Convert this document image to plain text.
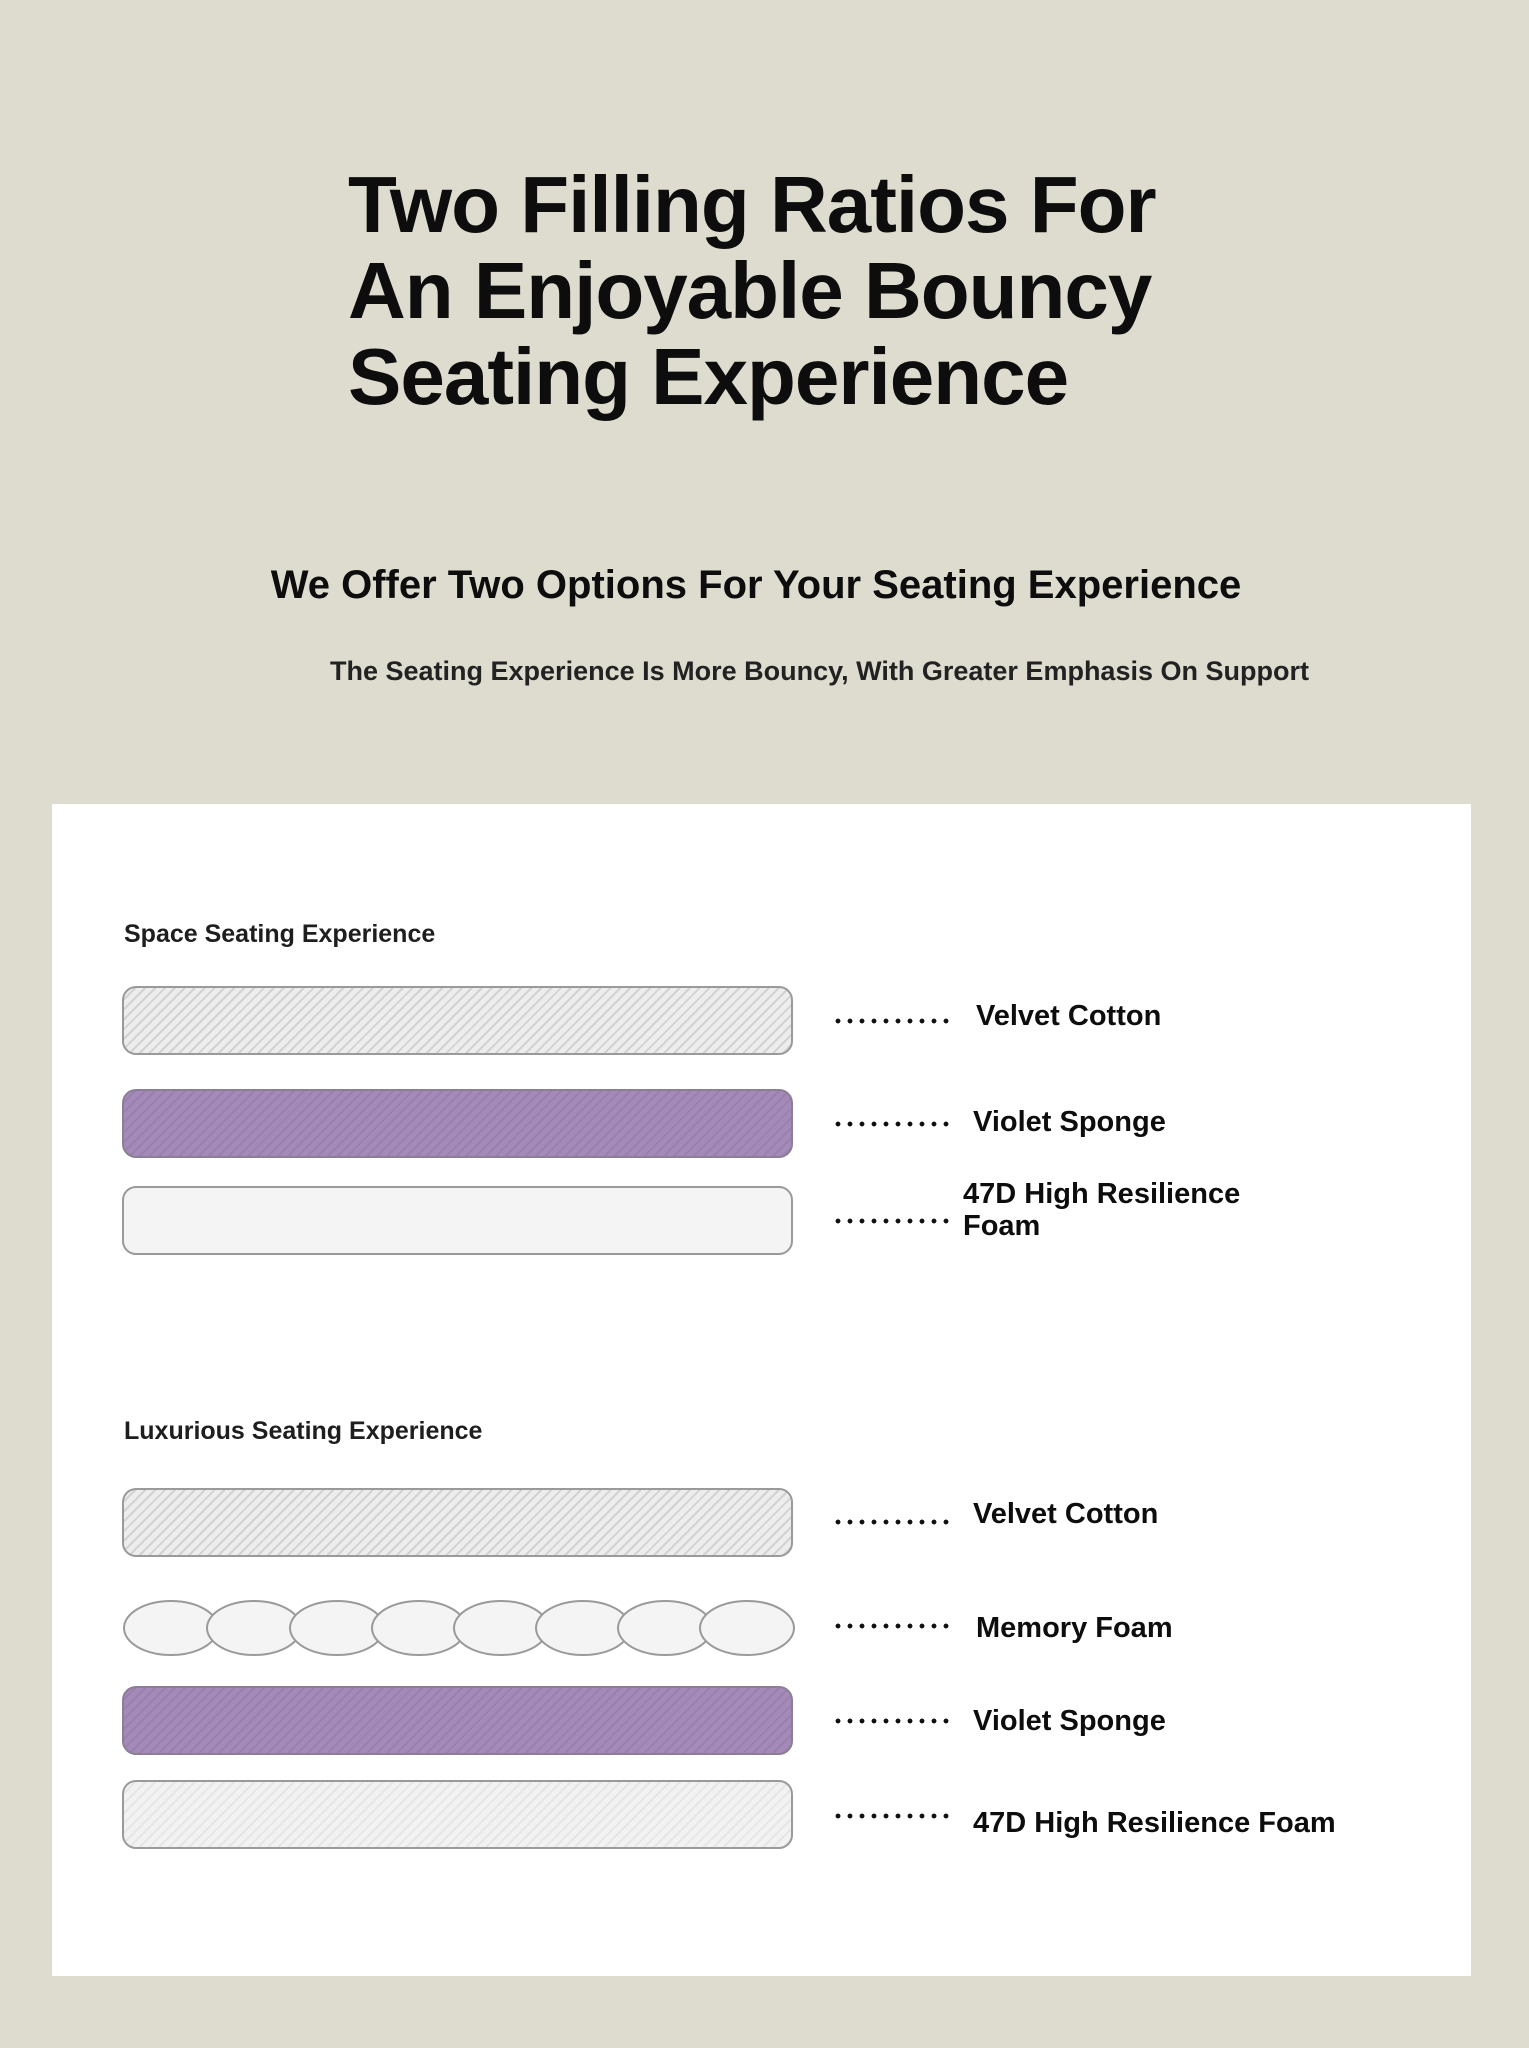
Two Filling Ratios For
An Enjoyable Bouncy
Seating Experience
We Offer Two Options For Your Seating Experience

The Seating Experience Is More Bouncy, With Greater Emphasis On Support

Space Seating Experience

Velvet Cotton

Violet Sponge

47D High Resilience Foam

Luxurious Seating Experience

Velvet Cotton

Memory Foam

Violet Sponge

47D High Resilience Foam
